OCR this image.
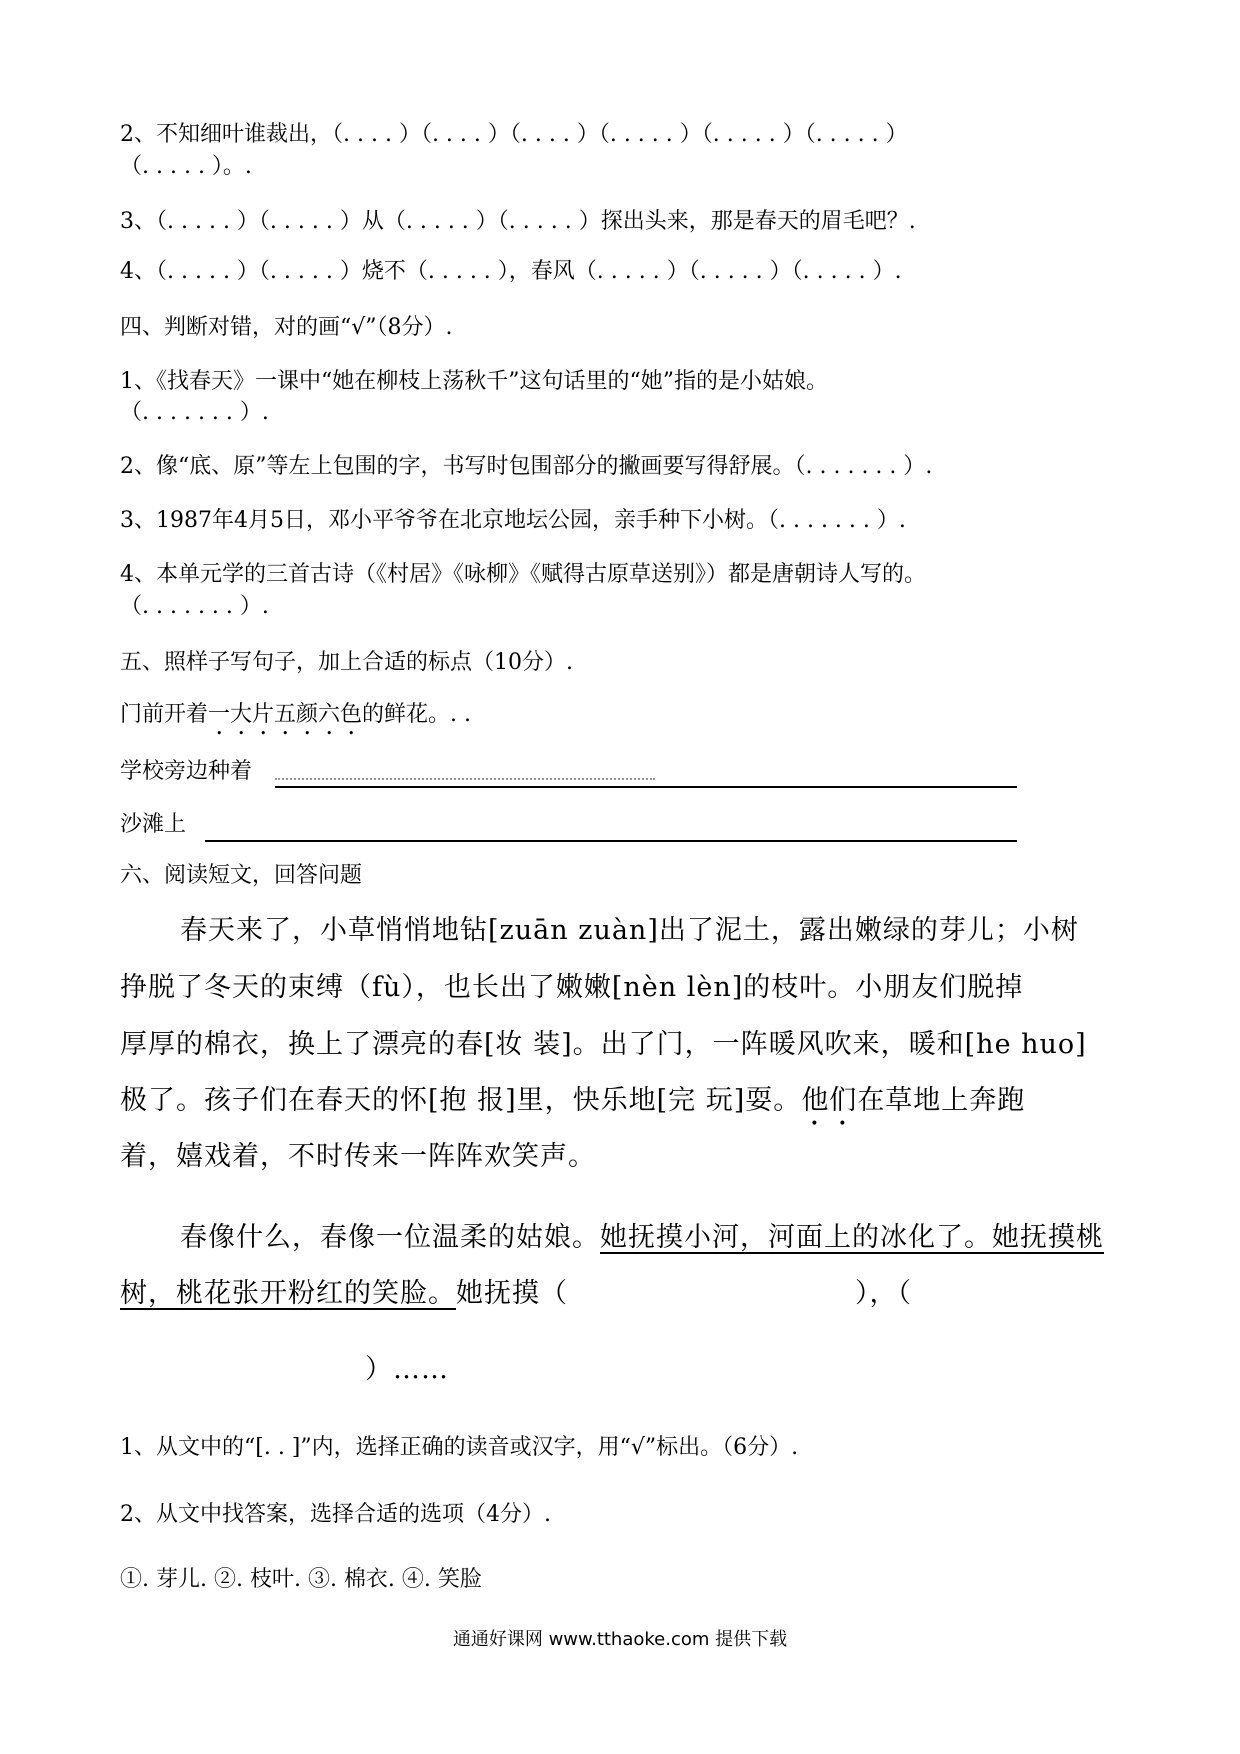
2、不知细叶谁裁出，（. . . . ）（. . . . ）（. . . . ）（. . . . . ）（. . . . . ）（. . . . . ）
（. . . . . ）。.
3、（. . . . . ）（. . . . . ）从（. . . . . ）（. . . . . ）探出头来，那是春天的眉毛吧？.
4、（. . . . . ）（. . . . . ）烧不（. . . . . ），春风（. . . . . ）（. . . . . ）（. . . . . ）.
四、判断对错，对的画“√”（8分）.
1、《找春天》一课中“她在柳枝上荡秋千”这句话里的“她”指的是小姑娘。
（. . . . . . . ）.
2、像“底、原”等左上包围的字，书写时包围部分的撇画要写得舒展。（. . . . . . . ）.
3、1987年4月5日，邓小平爷爷在北京地坛公园，亲手种下小树。（. . . . . . . ）.
4、本单元学的三首古诗（《村居》《咏柳》《赋得古原草送别》）都是唐朝诗人写的。
（. . . . . . . ）.
五、照样子写句子，加上合适的标点（10分）.
门前开着一大片五颜六色的鲜花。. .
学校旁边种着
沙滩上
六、阅读短文，回答问题
春天来了，小草悄悄地钻[zuān zuàn]出了泥土，露出嫩绿的芽儿；小树
挣脱了冬天的束缚（fù），也长出了嫩嫩[nèn lèn]的枝叶。小朋友们脱掉
厚厚的棉衣，换上了漂亮的春[妆 装]。出了门，一阵暖风吹来，暖和[he huo]
极了。孩子们在春天的怀[抱 报]里，快乐地[完 玩]耍。他们在草地上奔跑
着，嬉戏着，不时传来一阵阵欢笑声。
春像什么，春像一位温柔的姑娘。她抚摸小河，河面上的冰化了。她抚摸桃
树，桃花张开粉红的笑脸。她抚摸（	），（
）……
1、从文中的“[. . ]”内，选择正确的读音或汉字，用“√”标出。（6分）.
2、从文中找答案，选择合适的选项（4分）.
①. 芽儿. ②. 枝叶. ③. 棉衣. ④. 笑脸
通通好课网 www.tthaoke.com 提供下载
